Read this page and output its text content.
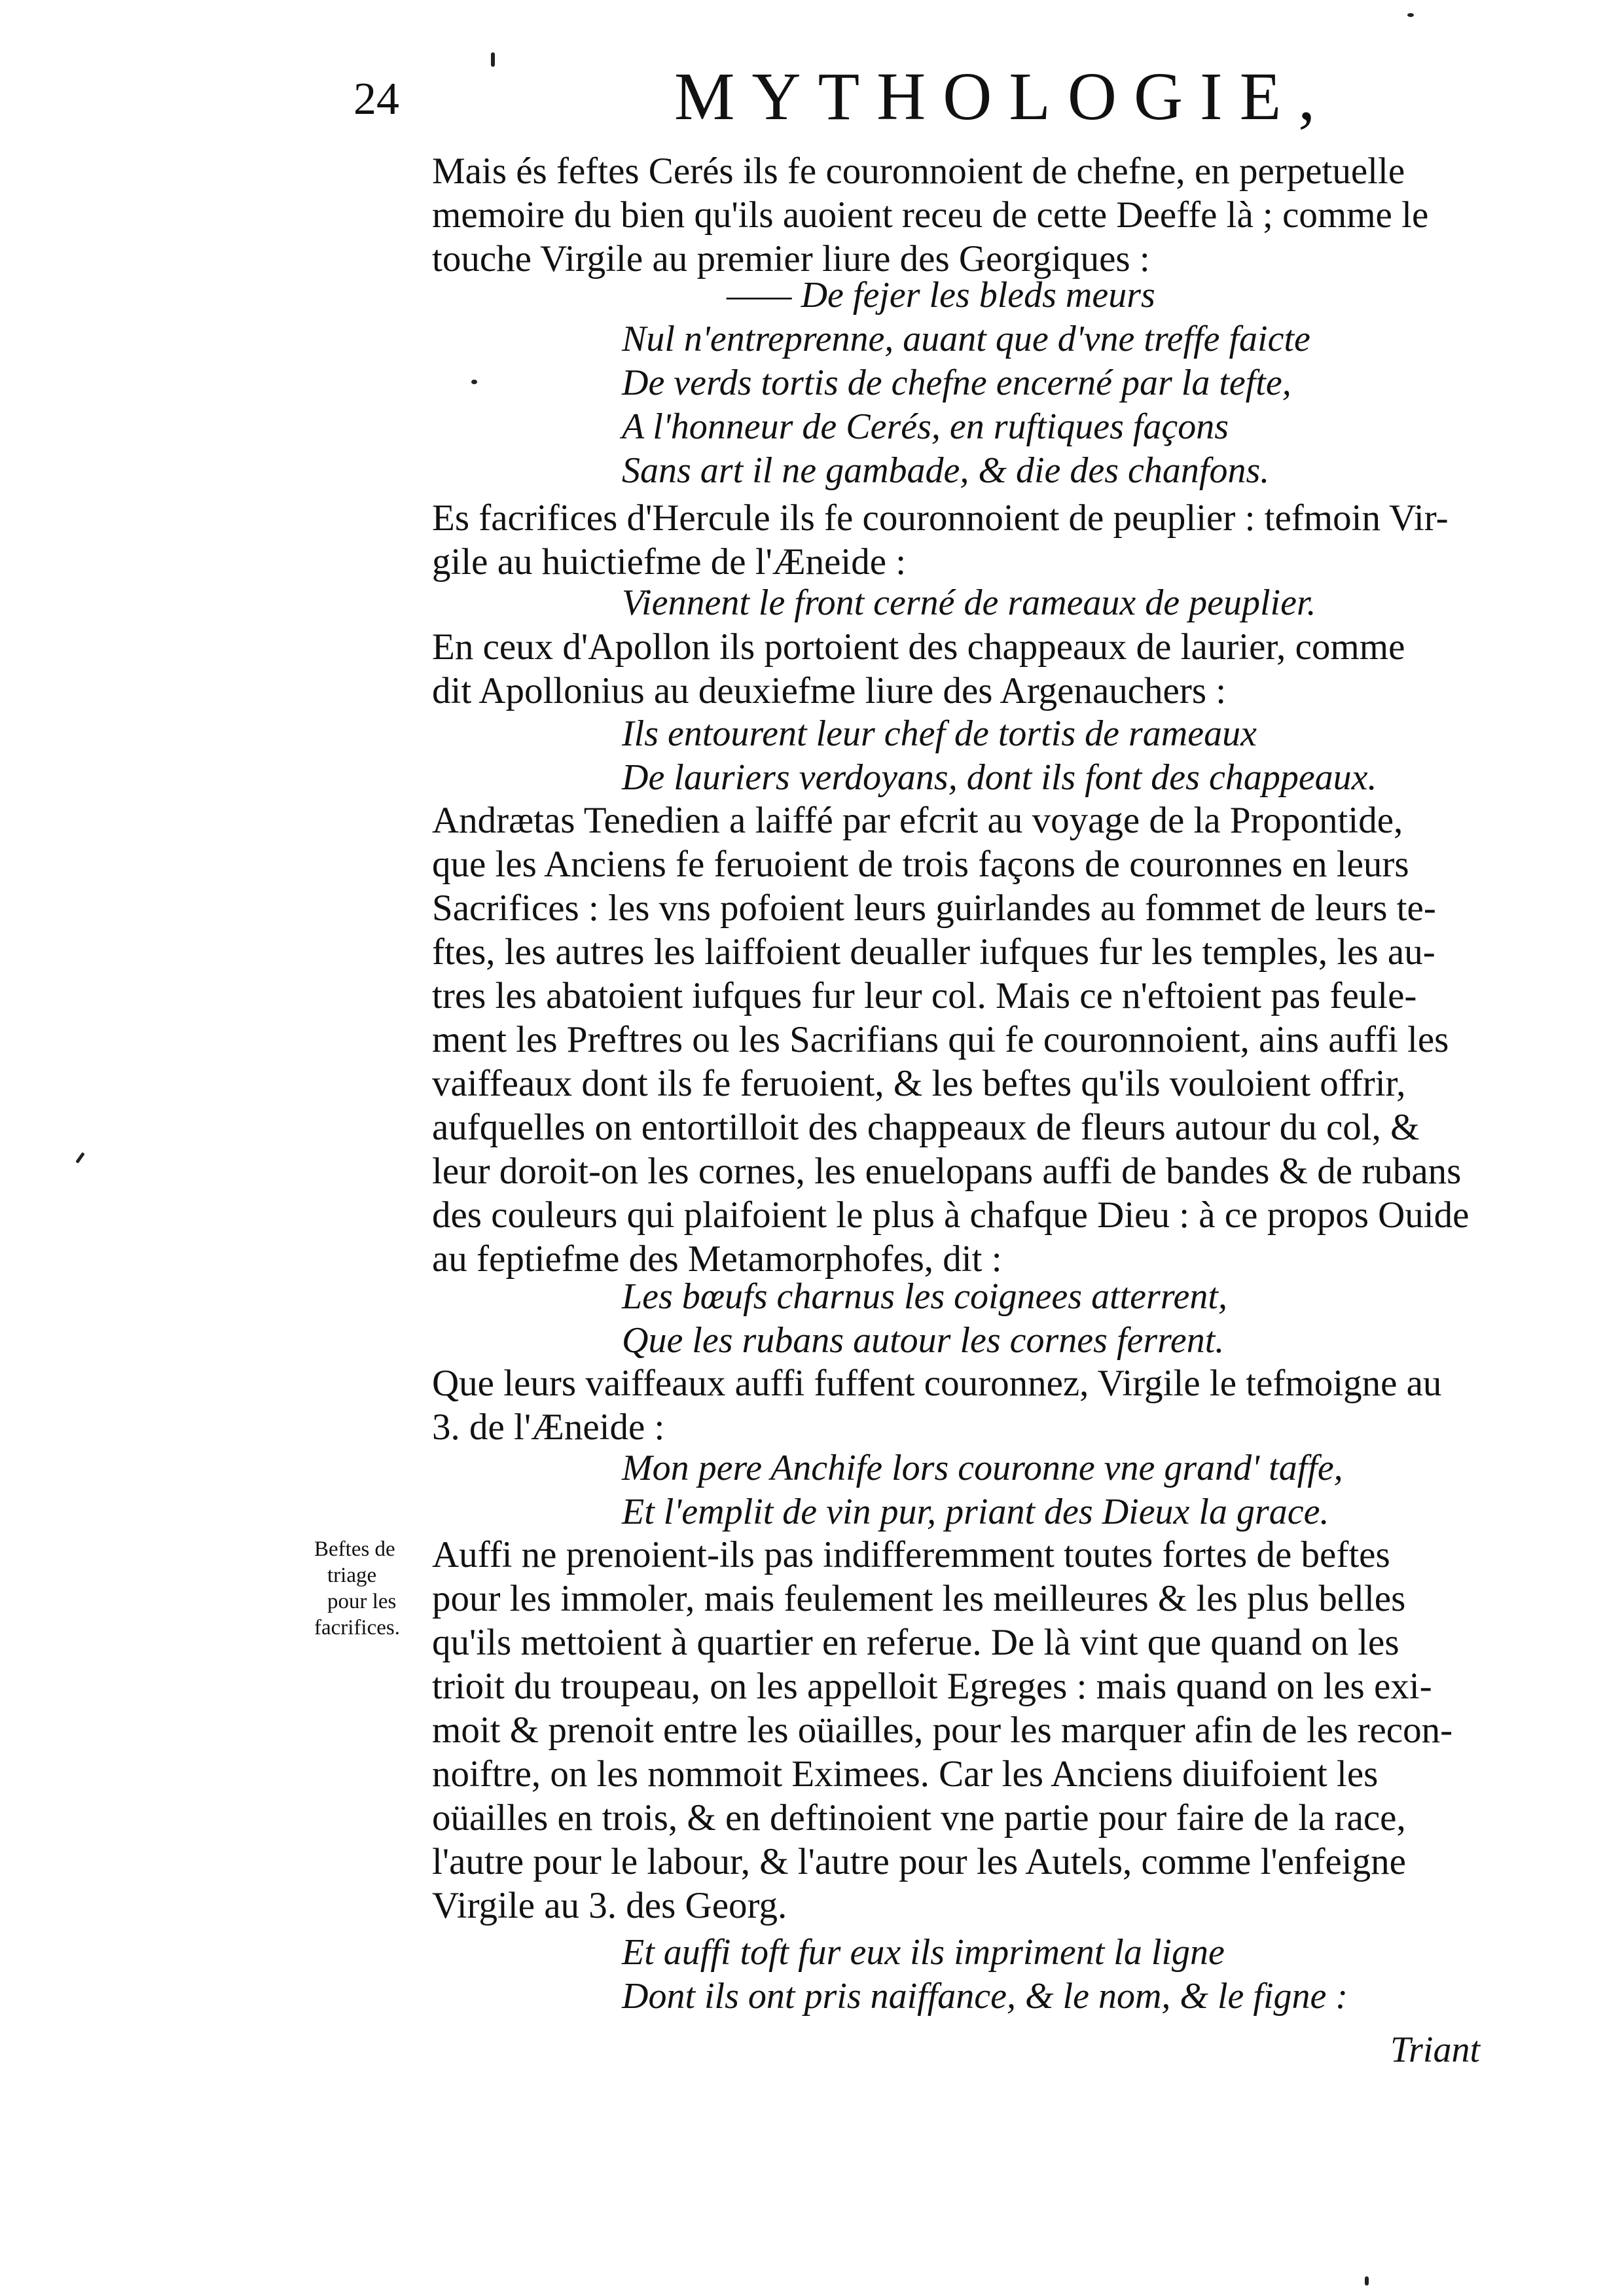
24	MYTHOLOGIE,
Mais és feftes Cerés ils fe couronnoient de chefne, en perpetuelle
memoire du bien qu'ils auoient receu de cette Deeffe là ; comme le
touche Virgile au premier liure des Georgiques :
—— De fejer les bleds meurs
Nul n'entreprenne, auant que d'vne treffe faicte
De verds tortis de chefne encerné par la tefte,
A l'honneur de Cerés, en ruftiques façons
Sans art il ne gambade, & die des chanfons.
Es facrifices d'Hercule ils fe couronnoient de peuplier : tefmoin Vir-
gile au huictiefme de l'Æneide :
Viennent le front cerné de rameaux de peuplier.
En ceux d'Apollon ils portoient des chappeaux de laurier, comme
dit Apollonius au deuxiefme liure des Argenauchers :
Ils entourent leur chef de tortis de rameaux
De lauriers verdoyans, dont ils font des chappeaux.
Andrætas Tenedien a laiffé par efcrit au voyage de la Propontide,
que les Anciens fe feruoient de trois façons de couronnes en leurs
Sacrifices : les vns pofoient leurs guirlandes au fommet de leurs te-
ftes, les autres les laiffoient deualler iufques fur les temples, les au-
tres les abatoient iufques fur leur col. Mais ce n'eftoient pas feule-
ment les Preftres ou les Sacrifians qui fe couronnoient, ains auffi les
vaiffeaux dont ils fe feruoient, & les beftes qu'ils vouloient offrir,
aufquelles on entortilloit des chappeaux de fleurs autour du col, &
leur doroit-on les cornes, les enuelopans auffi de bandes & de rubans
des couleurs qui plaifoient le plus à chafque Dieu : à ce propos Ouide
au feptiefme des Metamorphofes, dit :
Les bœufs charnus les coignees atterrent,
Que les rubans autour les cornes ferrent.
Que leurs vaiffeaux auffi fuffent couronnez, Virgile le tefmoigne au
3. de l'Æneide :
Mon pere Anchife lors couronne vne grand' taffe,
Et l'emplit de vin pur, priant des Dieux la grace.
Beftes de
triage
pour les
facrifices.
Auffi ne prenoient-ils pas indifferemment toutes fortes de beftes
pour les immoler, mais feulement les meilleures & les plus belles
qu'ils mettoient à quartier en referue. De là vint que quand on les
trioit du troupeau, on les appelloit Egreges : mais quand on les exi-
moit & prenoit entre les oüailles, pour les marquer afin de les recon-
noiftre, on les nommoit Eximees. Car les Anciens diuifoient les
oüailles en trois, & en deftinoient vne partie pour faire de la race,
l'autre pour le labour, & l'autre pour les Autels, comme l'enfeigne
Virgile au 3. des Georg.
Et auffi toft fur eux ils impriment la ligne
Dont ils ont pris naiffance, & le nom, & le figne :
Triant
